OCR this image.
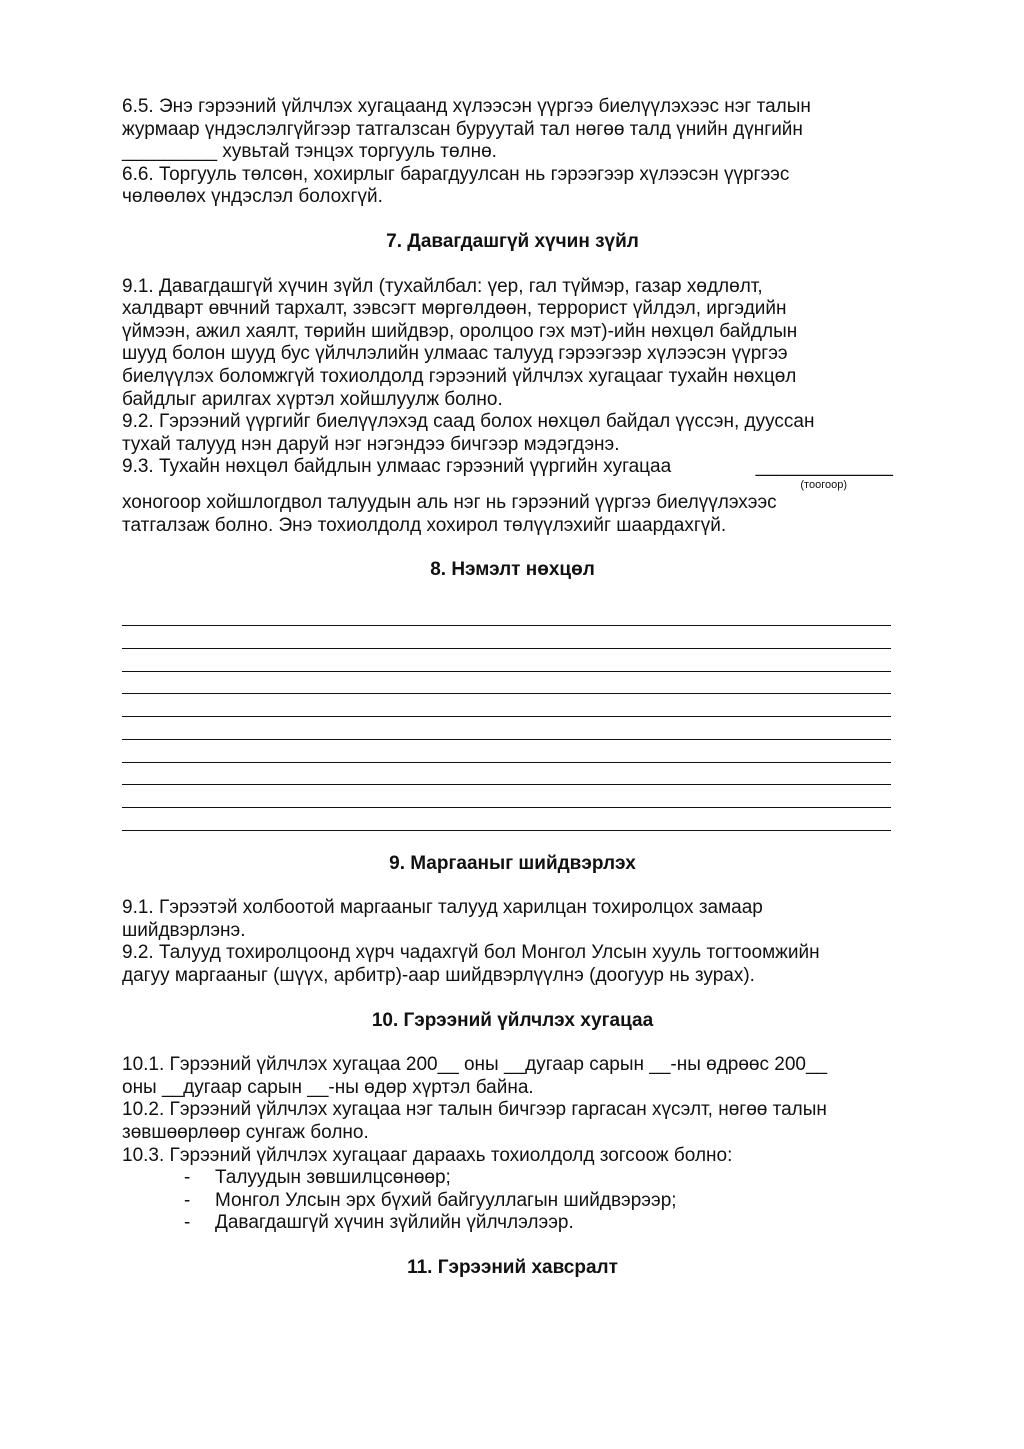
6.5. Энэ гэрээний үйлчлэх хугацаанд хүлээсэн үүргээ биелүүлэхээс нэг талын
журмаар үндэслэлгүйгээр татгалзсан буруутай тал нөгөө талд үнийн дүнгийн
_________ хувьтай тэнцэх торгууль төлнө.
6.6. Торгууль төлсөн, хохирлыг барагдуулсан нь гэрээгээр хүлээсэн үүргээс
чөлөөлөх үндэслэл болохгүй.
7. Давагдашгүй хүчин зүйл
9.1. Давагдашгүй хүчин зүйл (тухайлбал: үер, гал түймэр, газар хөдлөлт,
халдварт өвчний тархалт, зэвсэгт мөргөлдөөн, террорист үйлдэл, иргэдийн
үймээн, ажил хаялт, төрийн шийдвэр, оролцоо гэх мэт)-ийн нөхцөл байдлын
шууд болон шууд бус үйлчлэлийн улмаас талууд гэрээгээр хүлээсэн үүргээ
биелүүлэх боломжгүй тохиолдолд гэрээний үйлчлэх хугацааг тухайн нөхцөл
байдлыг арилгах хүртэл хойшлуулж болно.
9.2. Гэрээний үүргийг биелүүлэхэд саад болох нөхцөл байдал үүссэн, дууссан
тухай талууд нэн даруй нэг нэгэндээ бичгээр мэдэгдэнэ.
9.3. Тухайн нөхцөл байдлын улмаас гэрээний үүргийн хугацаа	_____________
(тоогоор)
хоногоор хойшлогдвол талуудын аль нэг нь гэрээний үүргээ биелүүлэхээс
татгалзаж болно. Энэ тохиолдолд хохирол төлүүлэхийг шаардахгүй.
8. Нэмэлт нөхцөл
9. Маргааныг шийдвэрлэх
9.1. Гэрээтэй холбоотой маргааныг талууд харилцан тохиролцох замаар
шийдвэрлэнэ.
9.2. Талууд тохиролцоонд хүрч чадахгүй бол Монгол Улсын хууль тогтоомжийн
дагуу маргааныг (шүүх, арбитр)-аар шийдвэрлүүлнэ (доогуур нь зурах).
10. Гэрээний үйлчлэх хугацаа
10.1. Гэрээний үйлчлэх хугацаа 200__ оны __дугаар сарын __-ны өдрөөс 200__
оны __дугаар сарын __-ны өдөр хүртэл байна.
10.2. Гэрээний үйлчлэх хугацаа нэг талын бичгээр гаргасан хүсэлт, нөгөө талын
зөвшөөрлөөр сунгаж болно.
10.3. Гэрээний үйлчлэх хугацааг дараахь тохиолдолд зогсоож болно:
- Талуудын зөвшилцсөнөөр;
- Монгол Улсын эрх бүхий байгууллагын шийдвэрээр;
- Давагдашгүй хүчин зүйлийн үйлчлэлээр.
11. Гэрээний хавсралт
